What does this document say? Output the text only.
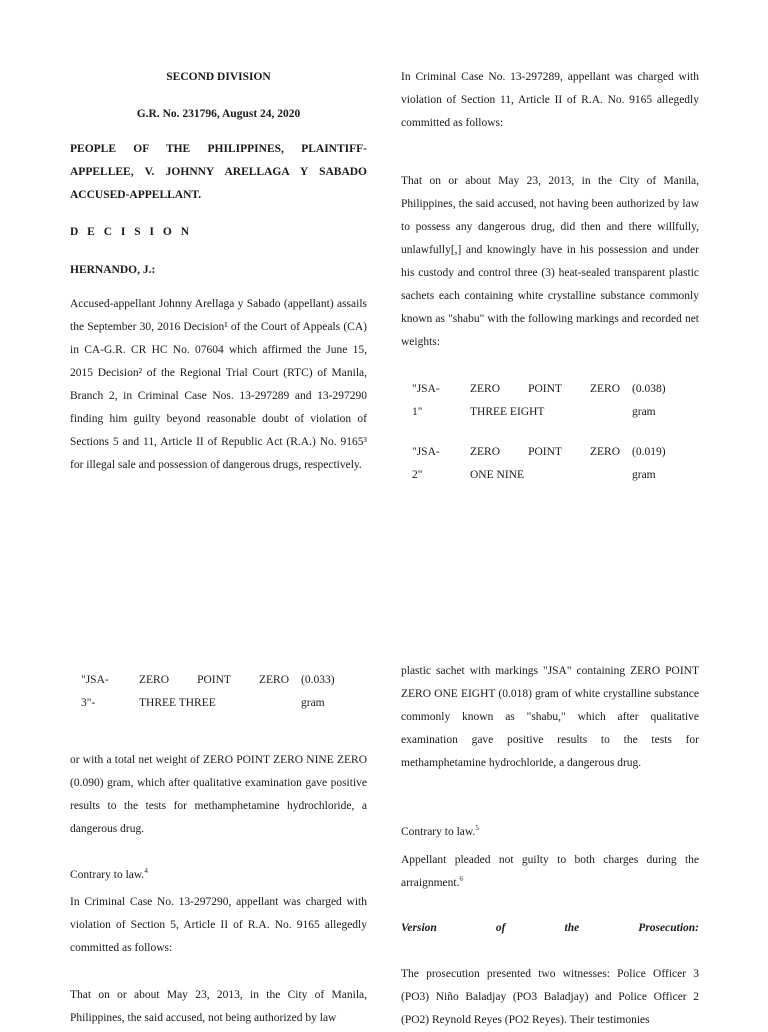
SECOND DIVISION

G.R. No. 231796, August 24, 2020

PEOPLE OF THE PHILIPPINES, PLAINTIFF-APPELLEE, V. JOHNNY ARELLAGA Y SABADO ACCUSED-APPELLANT.

D E C I S I O N

HERNANDO, J.:

Accused-appellant Johnny Arellaga y Sabado (appellant) assails the September 30, 2016 Decision¹ of the Court of Appeals (CA) in CA-G.R. CR HC No. 07604 which affirmed the June 15, 2015 Decision² of the Regional Trial Court (RTC) of Manila, Branch 2, in Criminal Case Nos. 13-297289 and 13-297290 finding him guilty beyond reasonable doubt of violation of Sections 5 and 11, Article II of Republic Act (R.A.) No. 9165³ for illegal sale and possession of dangerous drugs, respectively.

In Criminal Case No. 13-297289, appellant was charged with violation of Section 11, Article II of R.A. No. 9165 allegedly committed as follows:

That on or about May 23, 2013, in the City of Manila, Philippines, the said accused, not having been authorized by law to possess any dangerous drug, did then and there willfully, unlawfully[,] and knowingly have in his possession and under his custody and control three (3) heat-sealed transparent plastic sachets each containing white crystalline substance commonly known as "shabu" with the following markings and recorded net weights:

"JSA-
1"
ZERO POINT ZERO
THREE EIGHT
(0.038)
gram
"JSA-
2"
ZERO POINT ZERO
ONE NINE
(0.019)
gram
"JSA-
3"-
ZERO POINT ZERO
THREE THREE
(0.033)
gram

or with a total net weight of ZERO POINT ZERO NINE ZERO (0.090) gram, which after qualitative examination gave positive results to the tests for methamphetamine hydrochloride, a dangerous drug.

Contrary to law.$^4$

In Criminal Case No. 13-297290, appellant was charged with violation of Section 5, Article II of R.A. No. 9165 allegedly committed as follows:

That on or about May 23, 2013, in the City of Manila, Philippines, the said accused, not being authorized by law

plastic sachet with markings "JSA" containing ZERO POINT ZERO ONE EIGHT (0.018) gram of white crystalline substance commonly known as "shabu," which after qualitative examination gave positive results to the tests for methamphetamine hydrochloride, a dangerous drug.

Contrary to law.$^5$

Appellant pleaded not guilty to both charges during the arraignment.$^6$

Version of the Prosecution:

The prosecution presented two witnesses: Police Officer 3 (PO3) Niño Baladjay (PO3 Baladjay) and Police Officer 2 (PO2) Reynold Reyes (PO2 Reyes). Their testimonies
